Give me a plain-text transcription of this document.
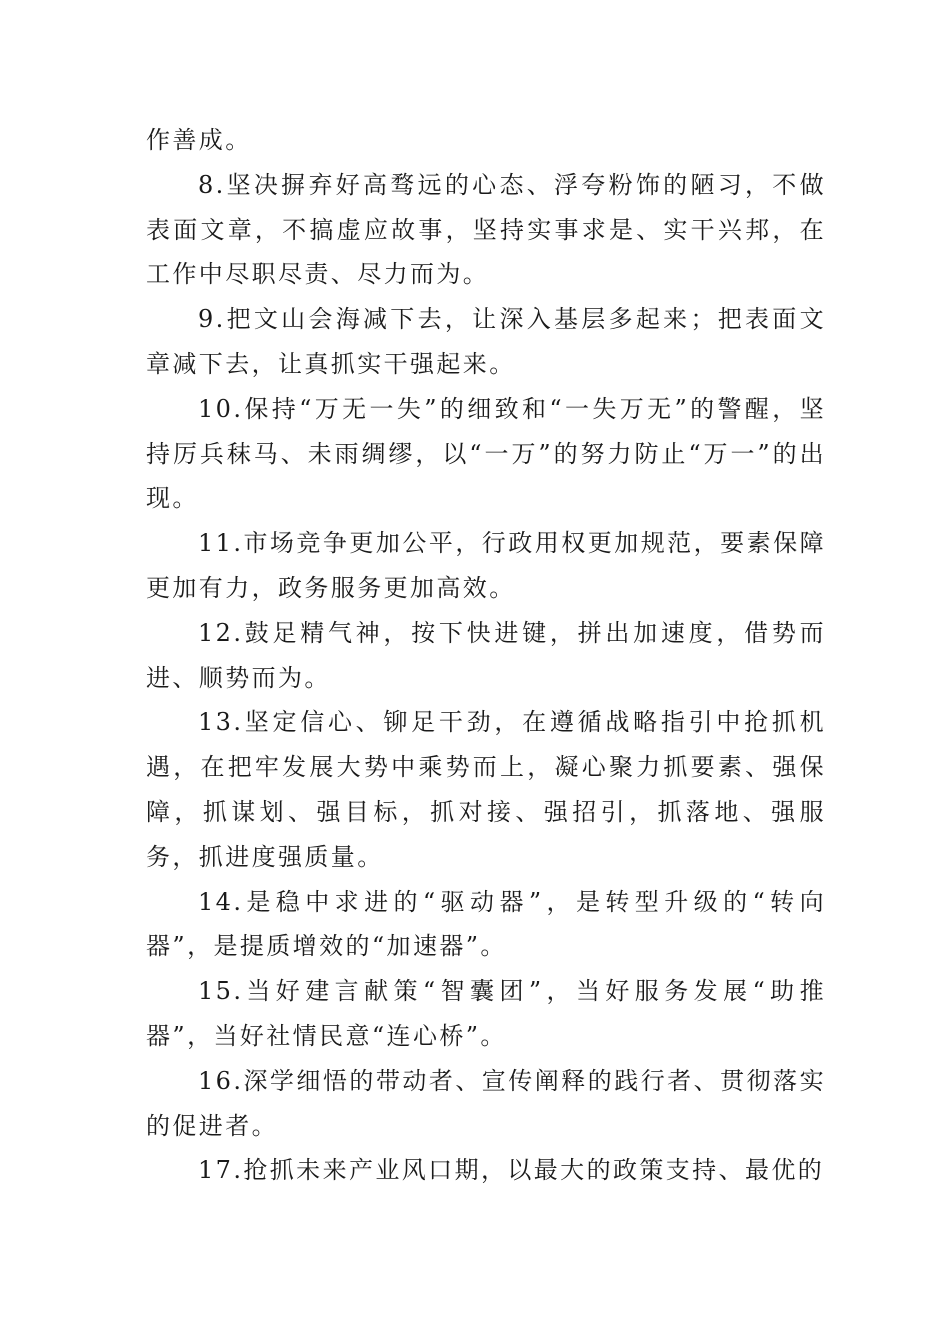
作善成。

8.坚决摒弃好高骛远的心态、浮夸粉饰的陋习，不做表面文章，不搞虚应故事，坚持实事求是、实干兴邦，在工作中尽职尽责、尽力而为。

9.把文山会海减下去，让深入基层多起来；把表面文章减下去，让真抓实干强起来。

10.保持“万无一失”的细致和“一失万无”的警醒，坚持厉兵秣马、未雨绸缪，以“一万”的努力防止“万一”的出现。

11.市场竞争更加公平，行政用权更加规范，要素保障更加有力，政务服务更加高效。

12.鼓足精气神，按下快进键，拼出加速度，借势而进、顺势而为。

13.坚定信心、铆足干劲，在遵循战略指引中抢抓机遇，在把牢发展大势中乘势而上，凝心聚力抓要素、强保障，抓谋划、强目标，抓对接、强招引，抓落地、强服务，抓进度强质量。

14.是稳中求进的“驱动器”，是转型升级的“转向器”，是提质增效的“加速器”。

15.当好建言献策“智囊团”，当好服务发展“助推器”，当好社情民意“连心桥”。

16.深学细悟的带动者、宣传阐释的践行者、贯彻落实的促进者。

17.抢抓未来产业风口期，以最大的政策支持、最优的
